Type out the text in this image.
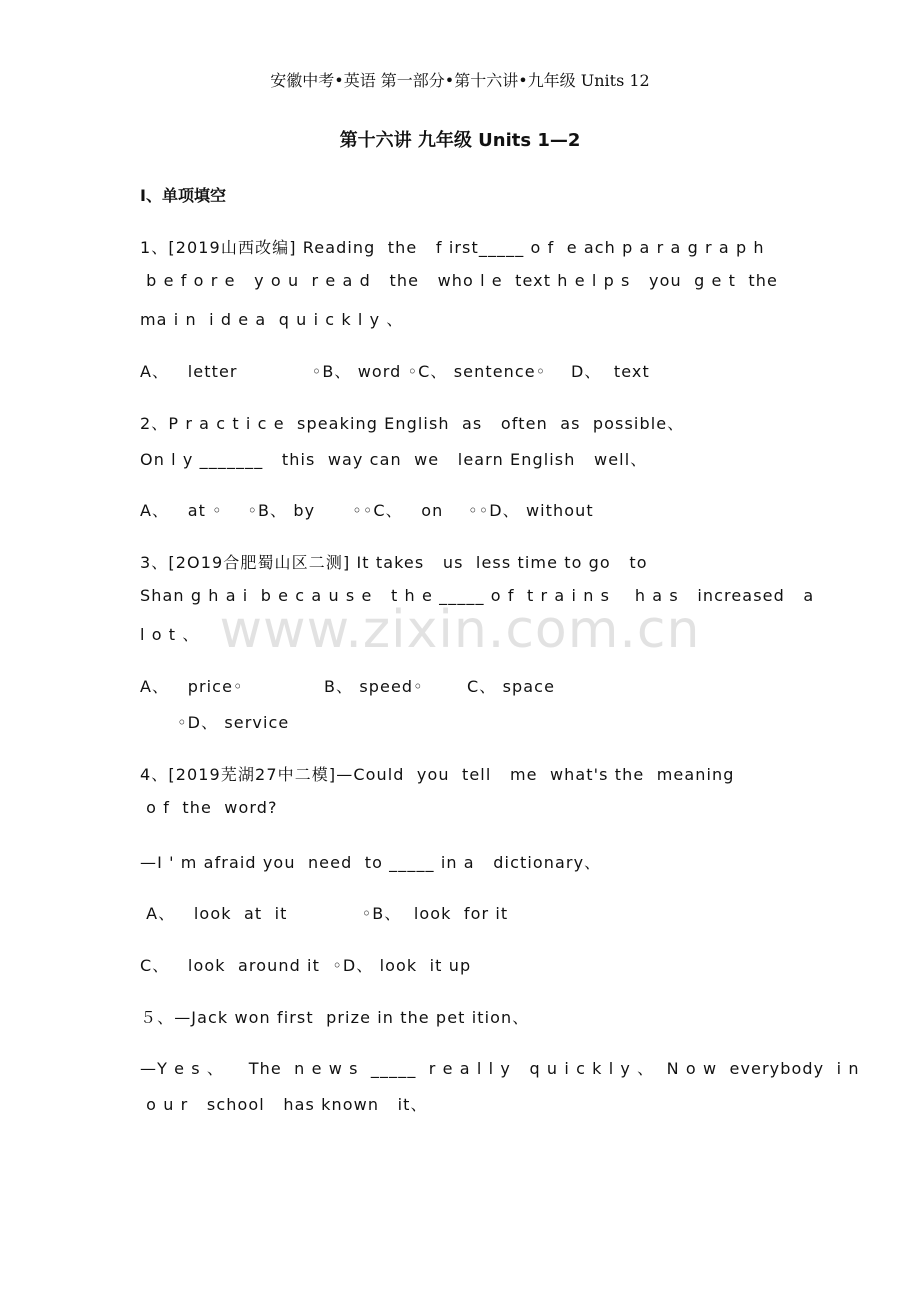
www.zixin.com.cn
安徽中考•英语 第一部分•第十六讲•九年级 Units 12
第十六讲 九年级 Units 1—2
Ⅰ、单项填空
1、[2019山西改编] Reading  the   f irst_____ o f  e ach p a r a g r a p h
b e f o r e   y o u  r e a d   the   who l e  text h e l p s   you  g e t  the
ma i n  i d e a  q u i c k l y 、
A、   letter            ◦B、 word ◦C、 sentence◦    D、  text
2、P r a c t i c e  speaking English  as   often  as  possible、
On l y _______   this  way can  we   learn English   well、
A、   at ◦    ◦B、 by      ◦◦C、   on    ◦◦D、 without
3、[2O19合肥蜀山区二测] It takes   us  less time to go   to
Shan g h a i  b e c a u s e   t h e _____ o f  t r a i n s    h a s   increased   a
l o t 、
A、   price◦             B、 speed◦       C、 space
◦D、 service
4、[2019芜湖27中二模]—Could  you  tell   me  what's the  meaning
o f  the  word?
—I ' m afraid you  need  to _____ in a   dictionary、
A、   look  at  it            ◦B、  look  for it
C、   look  around it  ◦D、 look  it up
５、—Jack won first  prize in the pet ition、
—Y e s 、    The  n e w s  _____  r e a l l y   q u i c k l y 、  N o w  everybody  i n
o u r   school   has known   it、
